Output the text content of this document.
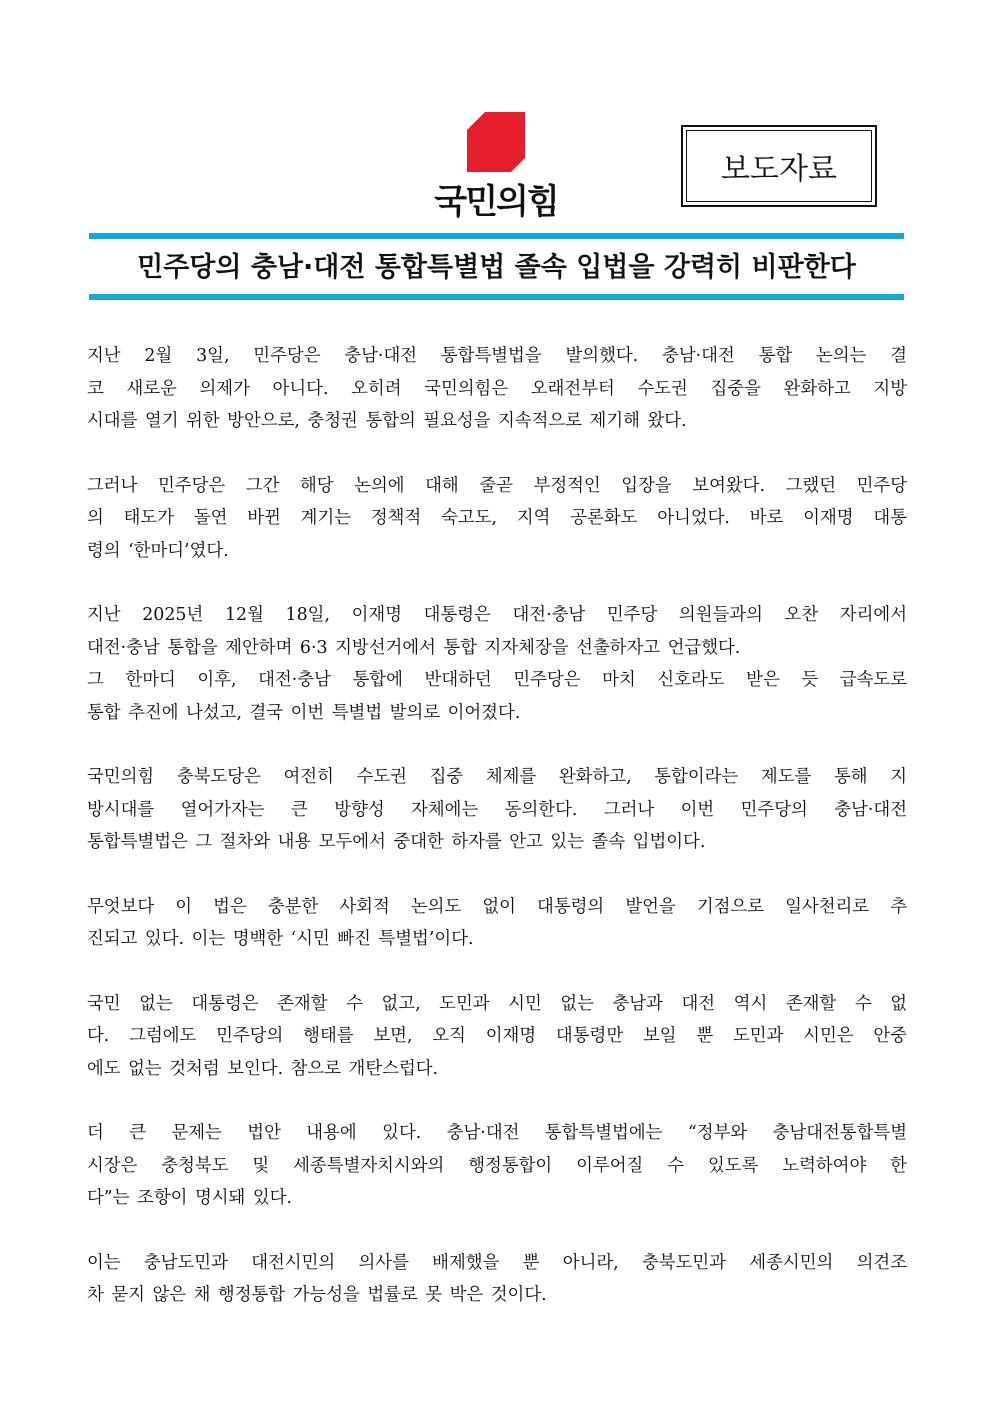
국민의힘
보도자료
민주당의 충남·대전 통합특별법 졸속 입법을 강력히 비판한다

지난 2월 3일, 민주당은 충남·대전 통합특별법을 발의했다. 충남·대전 통합 논의는 결
코 새로운 의제가 아니다. 오히려 국민의힘은 오래전부터 수도권 집중을 완화하고 지방
시대를 열기 위한 방안으로, 충청권 통합의 필요성을 지속적으로 제기해 왔다.

그러나 민주당은 그간 해당 논의에 대해 줄곧 부정적인 입장을 보여왔다. 그랬던 민주당
의 태도가 돌연 바뀐 계기는 정책적 숙고도, 지역 공론화도 아니었다. 바로 이재명 대통
령의 ‘한마디’였다.

지난 2025년 12월 18일, 이재명 대통령은 대전·충남 민주당 의원들과의 오찬 자리에서
대전·충남 통합을 제안하며 6·3 지방선거에서 통합 지자체장을 선출하자고 언급했다.
그 한마디 이후, 대전·충남 통합에 반대하던 민주당은 마치 신호라도 받은 듯 급속도로
통합 추진에 나섰고, 결국 이번 특별법 발의로 이어졌다.

국민의힘 충북도당은 여전히 수도권 집중 체제를 완화하고, 통합이라는 제도를 통해 지
방시대를 열어가자는 큰 방향성 자체에는 동의한다. 그러나 이번 민주당의 충남·대전
통합특별법은 그 절차와 내용 모두에서 중대한 하자를 안고 있는 졸속 입법이다.

무엇보다 이 법은 충분한 사회적 논의도 없이 대통령의 발언을 기점으로 일사천리로 추
진되고 있다. 이는 명백한 ‘시민 빠진 특별법’이다.

국민 없는 대통령은 존재할 수 없고, 도민과 시민 없는 충남과 대전 역시 존재할 수 없
다. 그럼에도 민주당의 행태를 보면, 오직 이재명 대통령만 보일 뿐 도민과 시민은 안중
에도 없는 것처럼 보인다. 참으로 개탄스럽다.

더 큰 문제는 법안 내용에 있다. 충남·대전 통합특별법에는 “정부와 충남대전통합특별
시장은 충청북도 및 세종특별자치시와의 행정통합이 이루어질 수 있도록 노력하여야 한
다”는 조항이 명시돼 있다.

이는 충남도민과 대전시민의 의사를 배제했을 뿐 아니라, 충북도민과 세종시민의 의견조
차 묻지 않은 채 행정통합 가능성을 법률로 못 박은 것이다.
